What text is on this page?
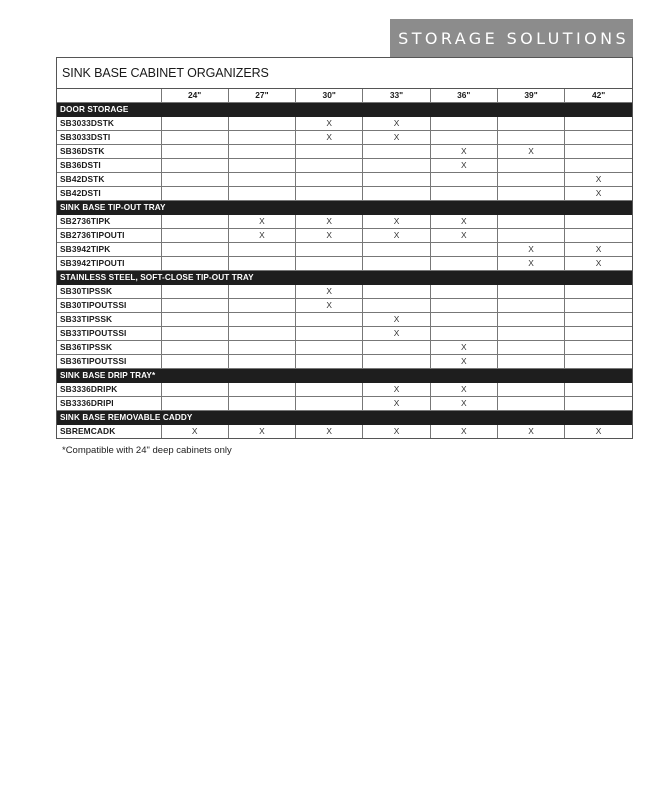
STORAGE SOLUTIONS
SINK BASE CABINET ORGANIZERS
	24"	27"	30"	33"	36"	39"	42"
DOOR STORAGE							
SB3033DSTK			X	X			
SB3033DSTI			X	X			
SB36DSTK					X	X	
SB36DSTI					X		
SB42DSTK							X
SB42DSTI							X
SINK BASE TIP-OUT TRAY							
SB2736TIPK		X	X	X	X		
SB2736TIPOUTI		X	X	X	X		
SB3942TIPK						X	X
SB3942TIPOUTI						X	X
STAINLESS STEEL, SOFT-CLOSE TIP-OUT TRAY							
SB30TIPSSK			X				
SB30TIPOUTSSI			X				
SB33TIPSSK				X			
SB33TIPOUTSSI				X			
SB36TIPSSK					X		
SB36TIPOUTSSI					X		
SINK BASE DRIP TRAY*							
SB3336DRIPK				X	X		
SB3336DRIPI				X	X		
SINK BASE REMOVABLE CADDY							
SBREMCADK	X	X	X	X	X	X	X
*Compatible with 24" deep cabinets only
